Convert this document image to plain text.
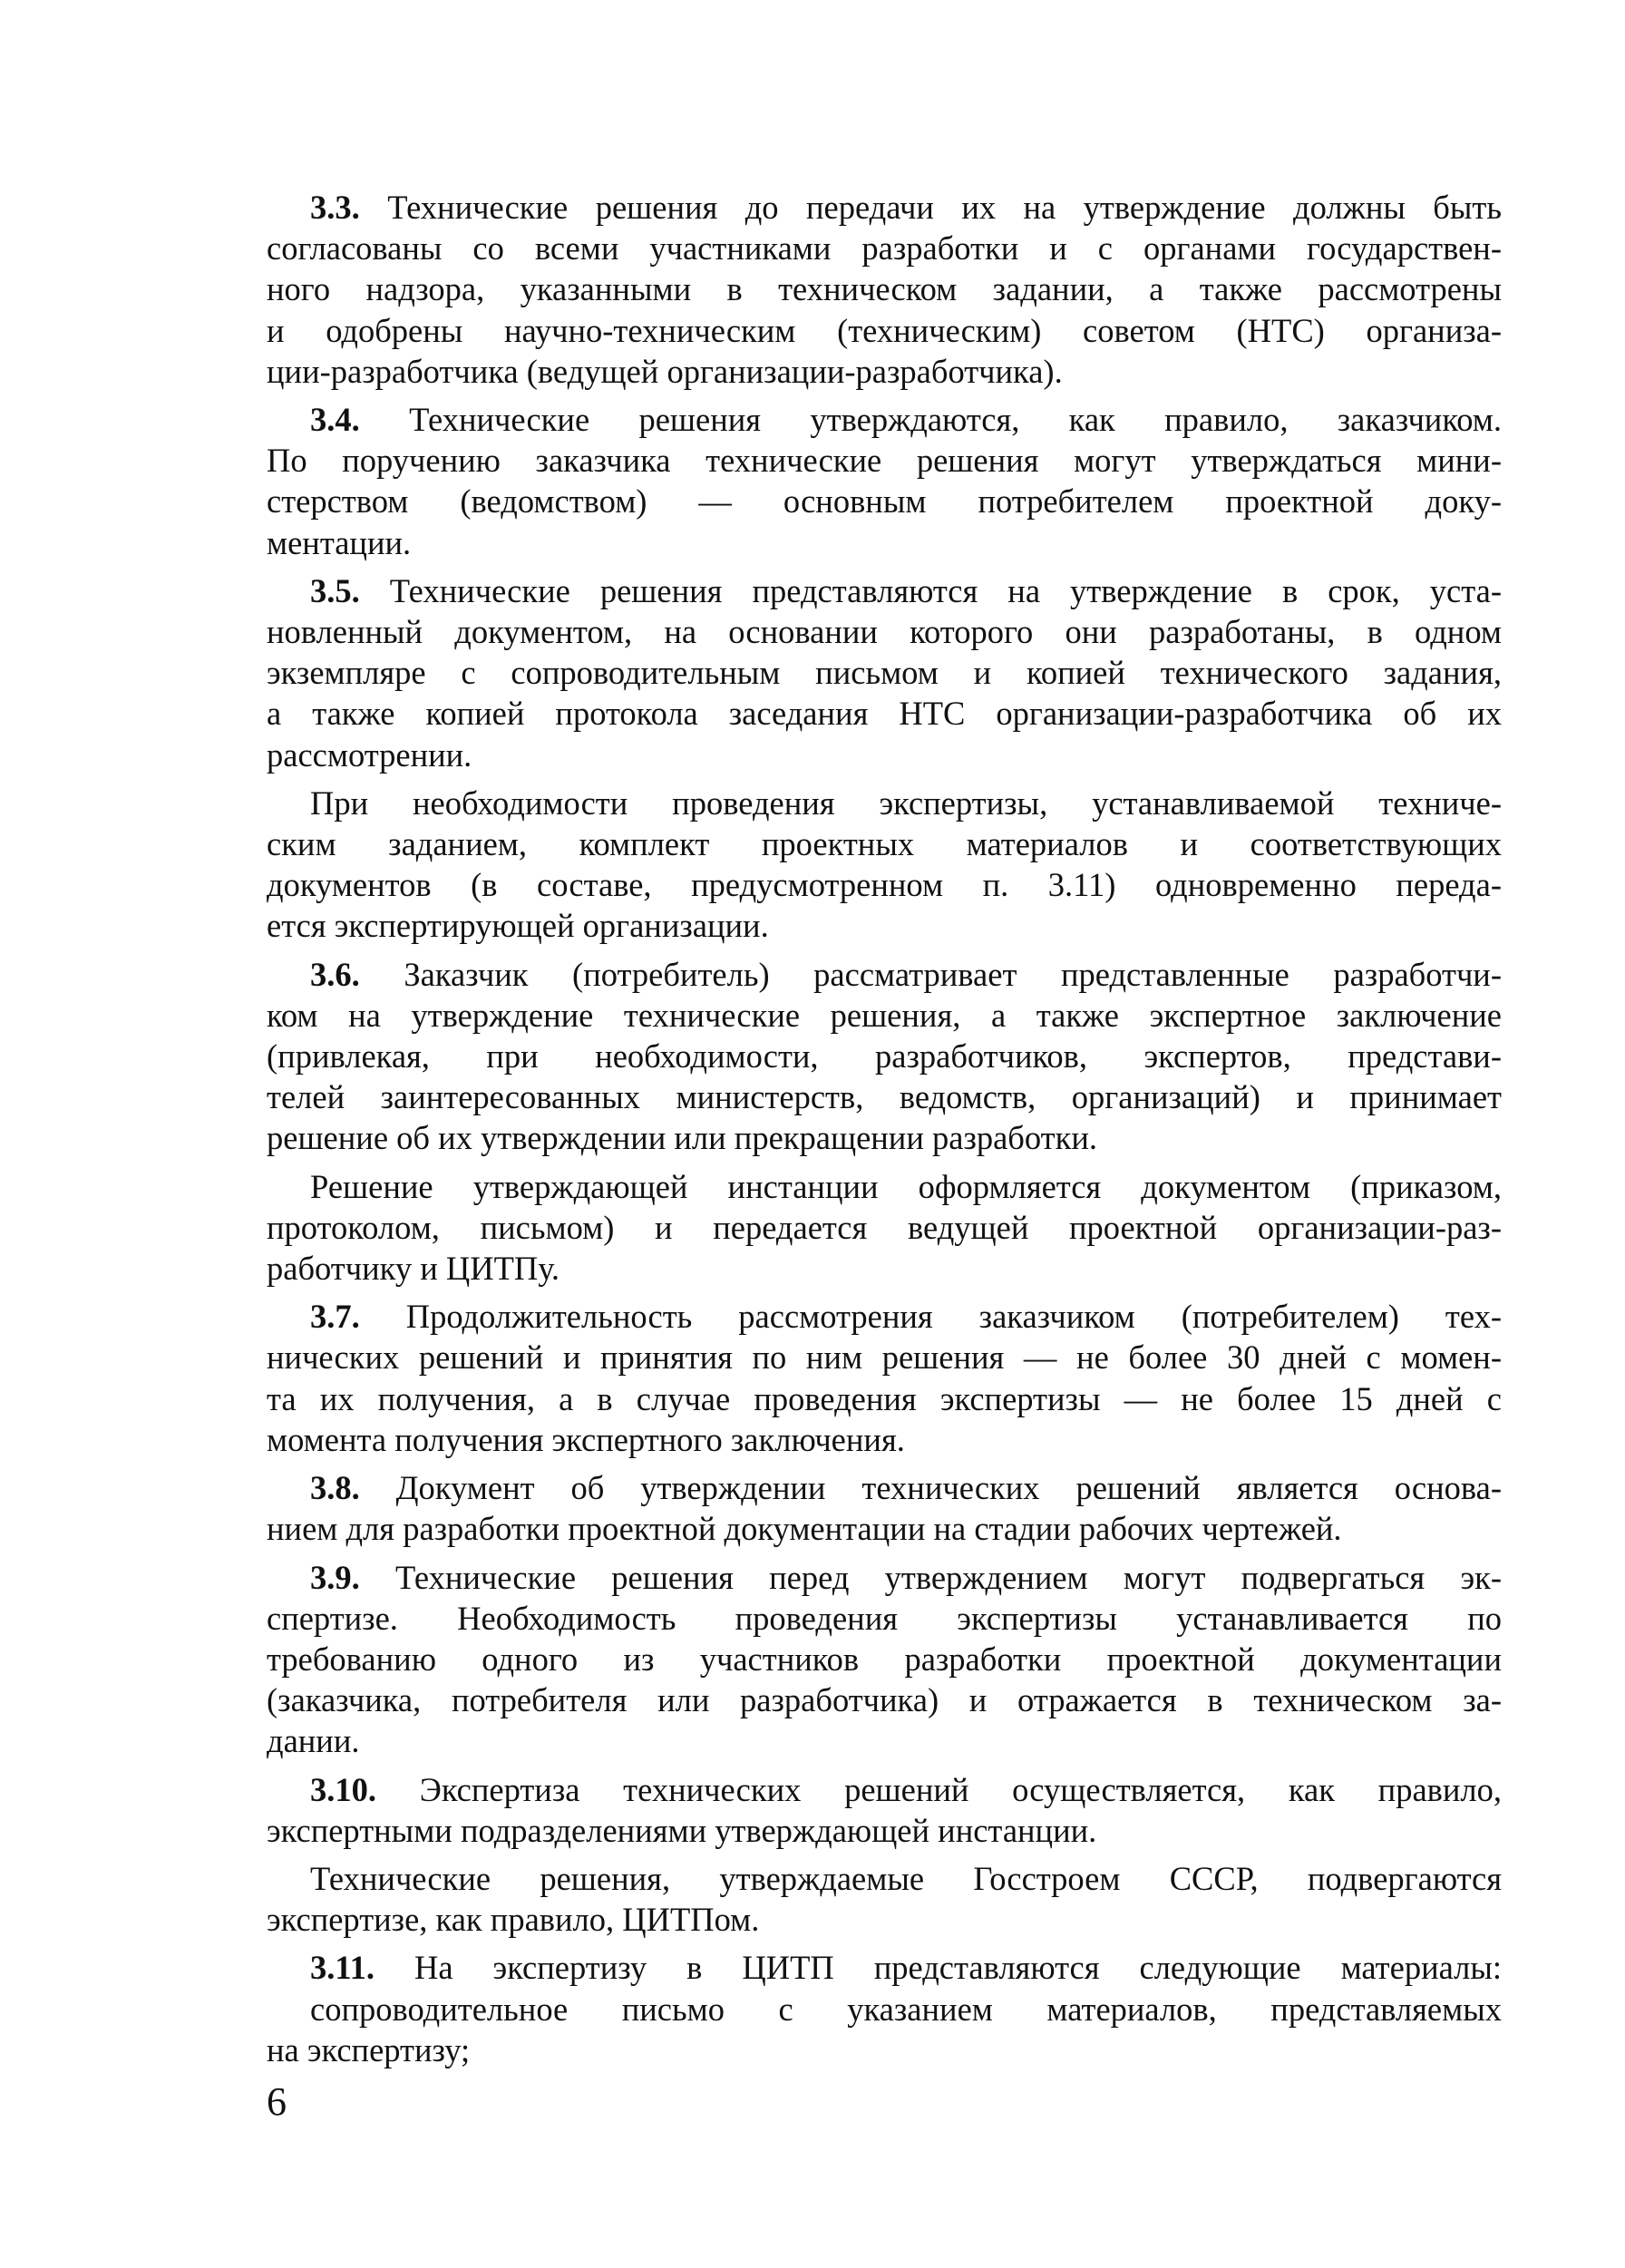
3.3. Технические решения до передачи их на утверждение должны быть
согласованы со всеми участниками разработки и с органами государствен-
ного надзора, указанными в техническом задании, а также рассмотрены
и одобрены научно-техническим (техническим) советом (НТС) организа-
ции-разработчика (ведущей организации-разработчика).

3.4. Технические решения утверждаются, как правило, заказчиком.
По поручению заказчика технические решения могут утверждаться мини-
стерством (ведомством) — основным потребителем проектной доку-
ментации.

3.5. Технические решения представляются на утверждение в срок, уста-
новленный документом, на основании которого они разработаны, в одном
экземпляре с сопроводительным письмом и копией технического задания,
а также копией протокола заседания НТС организации-разработчика об их
рассмотрении.

При необходимости проведения экспертизы, устанавливаемой техниче-
ским заданием, комплект проектных материалов и соответствующих
документов (в составе, предусмотренном п. 3.11) одновременно переда-
ется экспертирующей организации.

3.6. Заказчик (потребитель) рассматривает представленные разработчи-
ком на утверждение технические решения, а также экспертное заключение
(привлекая, при необходимости, разработчиков, экспертов, представи-
телей заинтересованных министерств, ведомств, организаций) и принимает
решение об их утверждении или прекращении разработки.

Решение утверждающей инстанции оформляется документом (приказом,
протоколом, письмом) и передается ведущей проектной организации-раз-
работчику и ЦИТПу.

3.7. Продолжительность рассмотрения заказчиком (потребителем) тех-
нических решений и принятия по ним решения — не более 30 дней с момен-
та их получения, а в случае проведения экспертизы — не более 15 дней с
момента получения экспертного заключения.

3.8. Документ об утверждении технических решений является основа-
нием для разработки проектной документации на стадии рабочих чертежей.

3.9. Технические решения перед утверждением могут подвергаться эк-
спертизе. Необходимость проведения экспертизы устанавливается по
требованию одного из участников разработки проектной документации
(заказчика, потребителя или разработчика) и отражается в техническом за-
дании.

3.10. Экспертиза технических решений осуществляется, как правило,
экспертными подразделениями утверждающей инстанции.

Технические решения, утверждаемые Госстроем СССР, подвергаются
экспертизе, как правило, ЦИТПом.

3.11. На экспертизу в ЦИТП представляются следующие материалы:

сопроводительное письмо с указанием материалов, представляемых
на экспертизу;

6
